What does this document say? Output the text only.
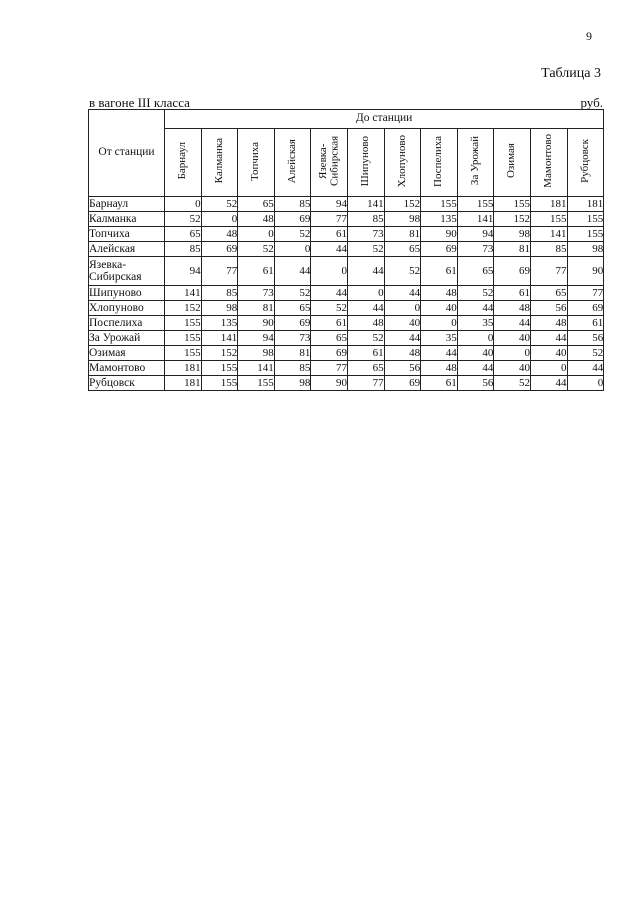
9
Таблица 3
в вагоне III класса	руб.
От станции	До станции											
	Барнаул	Калманка	Топчиха	Алейская	Язевка-Сибирская	Шипуново	Хлопуново	Поспелиха	За Урожай	Озимая	Мамонтово	Рубцовск
Барнаул	0	52	65	85	94	141	152	155	155	155	181	181
Калманка	52	0	48	69	77	85	98	135	141	152	155	155
Топчиха	65	48	0	52	61	73	81	90	94	98	141	155
Алейская	85	69	52	0	44	52	65	69	73	81	85	98
Язевка-Сибирская	94	77	61	44	0	44	52	61	65	69	77	90
Шипуново	141	85	73	52	44	0	44	48	52	61	65	77
Хлопуново	152	98	81	65	52	44	0	40	44	48	56	69
Поспелиха	155	135	90	69	61	48	40	0	35	44	48	61
За Урожай	155	141	94	73	65	52	44	35	0	40	44	56
Озимая	155	152	98	81	69	61	48	44	40	0	40	52
Мамонтово	181	155	141	85	77	65	56	48	44	40	0	44
Рубцовск	181	155	155	98	90	77	69	61	56	52	44	0
